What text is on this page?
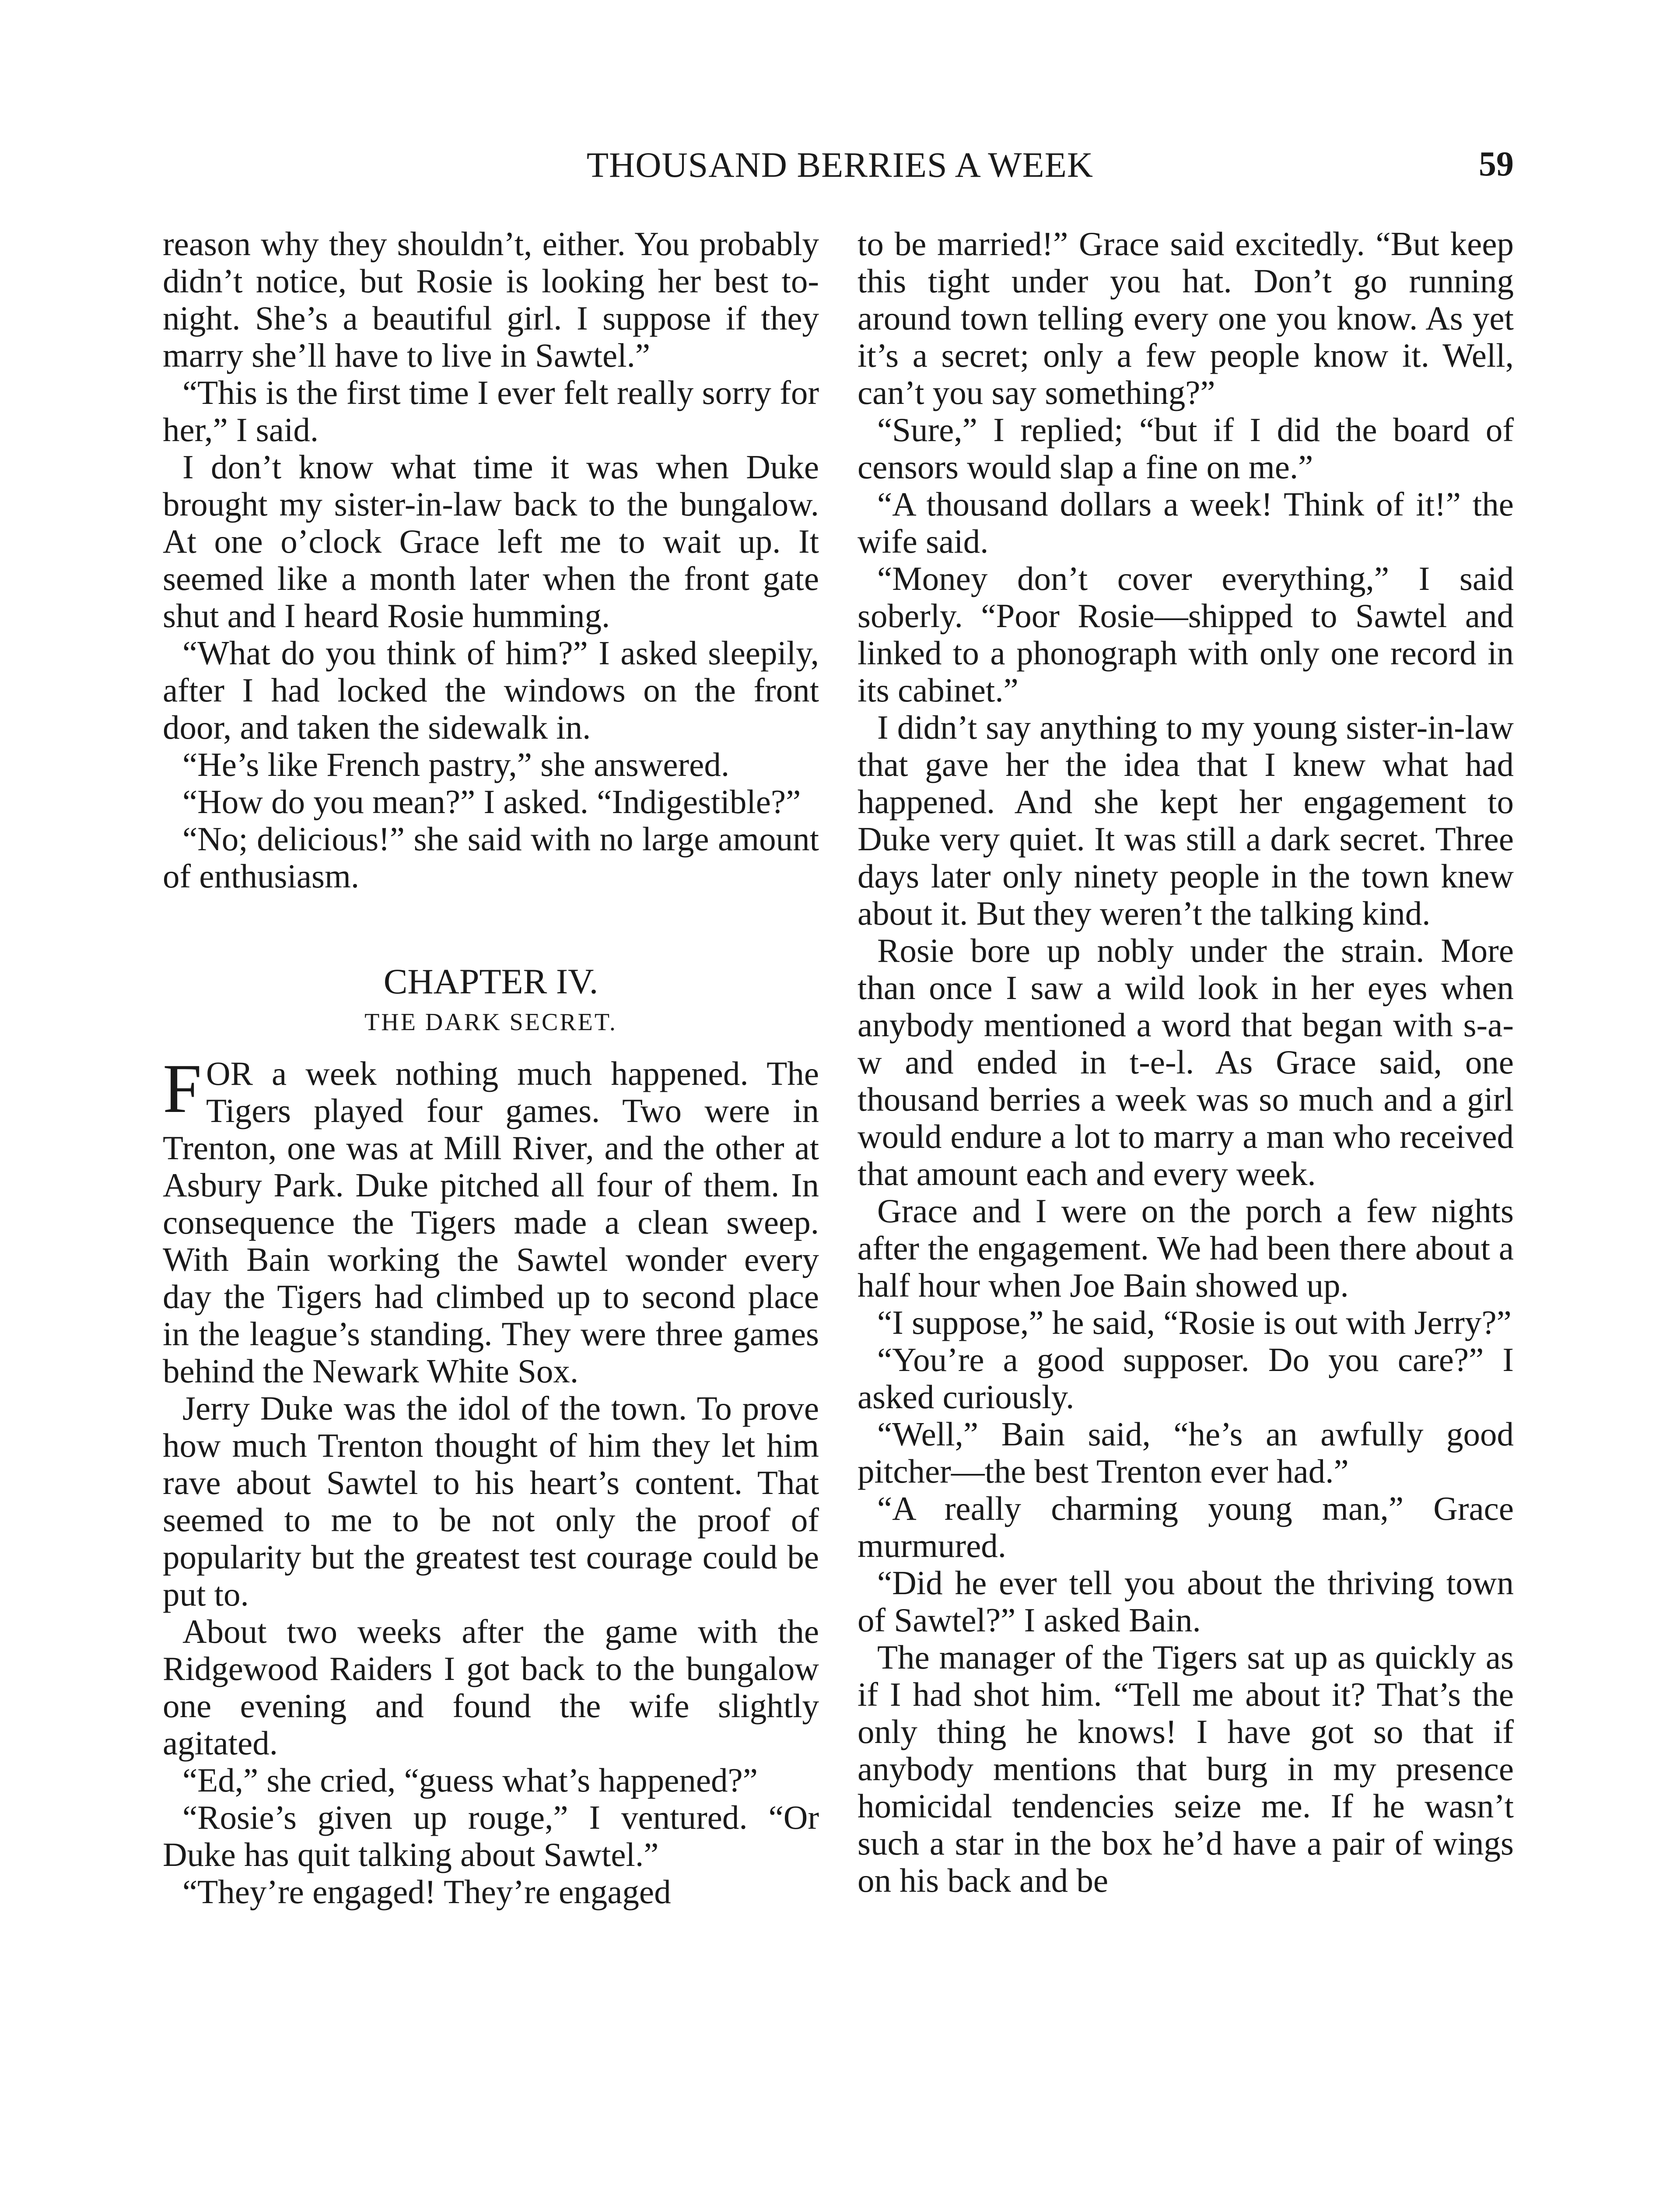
THOUSAND BERRIES A WEEK	59

reason why they shouldn’t, either. You probably didn’t notice, but Rosie is looking her best to-night. She’s a beautiful girl. I suppose if they marry she’ll have to live in Sawtel.”

“This is the first time I ever felt really sorry for her,” I said.

I don’t know what time it was when Duke brought my sister-in-law back to the bungalow. At one o’clock Grace left me to wait up. It seemed like a month later when the front gate shut and I heard Rosie humming.

“What do you think of him?” I asked sleepily, after I had locked the windows on the front door, and taken the sidewalk in.

“He’s like French pastry,” she answered.

“How do you mean?” I asked. “Indigestible?”

“No; delicious!” she said with no large amount of enthusiasm.

CHAPTER IV.
THE DARK SECRET.

FOR a week nothing much happened. The Tigers played four games. Two were in Trenton, one was at Mill River, and the other at Asbury Park. Duke pitched all four of them. In consequence the Tigers made a clean sweep. With Bain working the Sawtel wonder every day the Tigers had climbed up to second place in the league’s standing. They were three games behind the Newark White Sox.

Jerry Duke was the idol of the town. To prove how much Trenton thought of him they let him rave about Sawtel to his heart’s content. That seemed to me to be not only the proof of popularity but the greatest test courage could be put to.

About two weeks after the game with the Ridgewood Raiders I got back to the bungalow one evening and found the wife slightly agitated.

“Ed,” she cried, “guess what’s happened?”

“Rosie’s given up rouge,” I ventured. “Or Duke has quit talking about Sawtel.”

“They’re engaged! They’re engaged

to be married!” Grace said excitedly. “But keep this tight under you hat. Don’t go running around town telling every one you know. As yet it’s a secret; only a few people know it. Well, can’t you say something?”

“Sure,” I replied; “but if I did the board of censors would slap a fine on me.”

“A thousand dollars a week! Think of it!” the wife said.

“Money don’t cover everything,” I said soberly. “Poor Rosie—shipped to Sawtel and linked to a phonograph with only one record in its cabinet.”

I didn’t say anything to my young sister-in-law that gave her the idea that I knew what had happened. And she kept her engagement to Duke very quiet. It was still a dark secret. Three days later only ninety people in the town knew about it. But they weren’t the talking kind.

Rosie bore up nobly under the strain. More than once I saw a wild look in her eyes when anybody mentioned a word that began with s-a-w and ended in t-e-l. As Grace said, one thousand berries a week was so much and a girl would endure a lot to marry a man who received that amount each and every week.

Grace and I were on the porch a few nights after the engagement. We had been there about a half hour when Joe Bain showed up.

“I suppose,” he said, “Rosie is out with Jerry?”

“You’re a good supposer. Do you care?” I asked curiously.

“Well,” Bain said, “he’s an awfully good pitcher—the best Trenton ever had.”

“A really charming young man,” Grace murmured.

“Did he ever tell you about the thriving town of Sawtel?” I asked Bain.

The manager of the Tigers sat up as quickly as if I had shot him. “Tell me about it? That’s the only thing he knows! I have got so that if anybody mentions that burg in my presence homicidal tendencies seize me. If he wasn’t such a star in the box he’d have a pair of wings on his back and be
